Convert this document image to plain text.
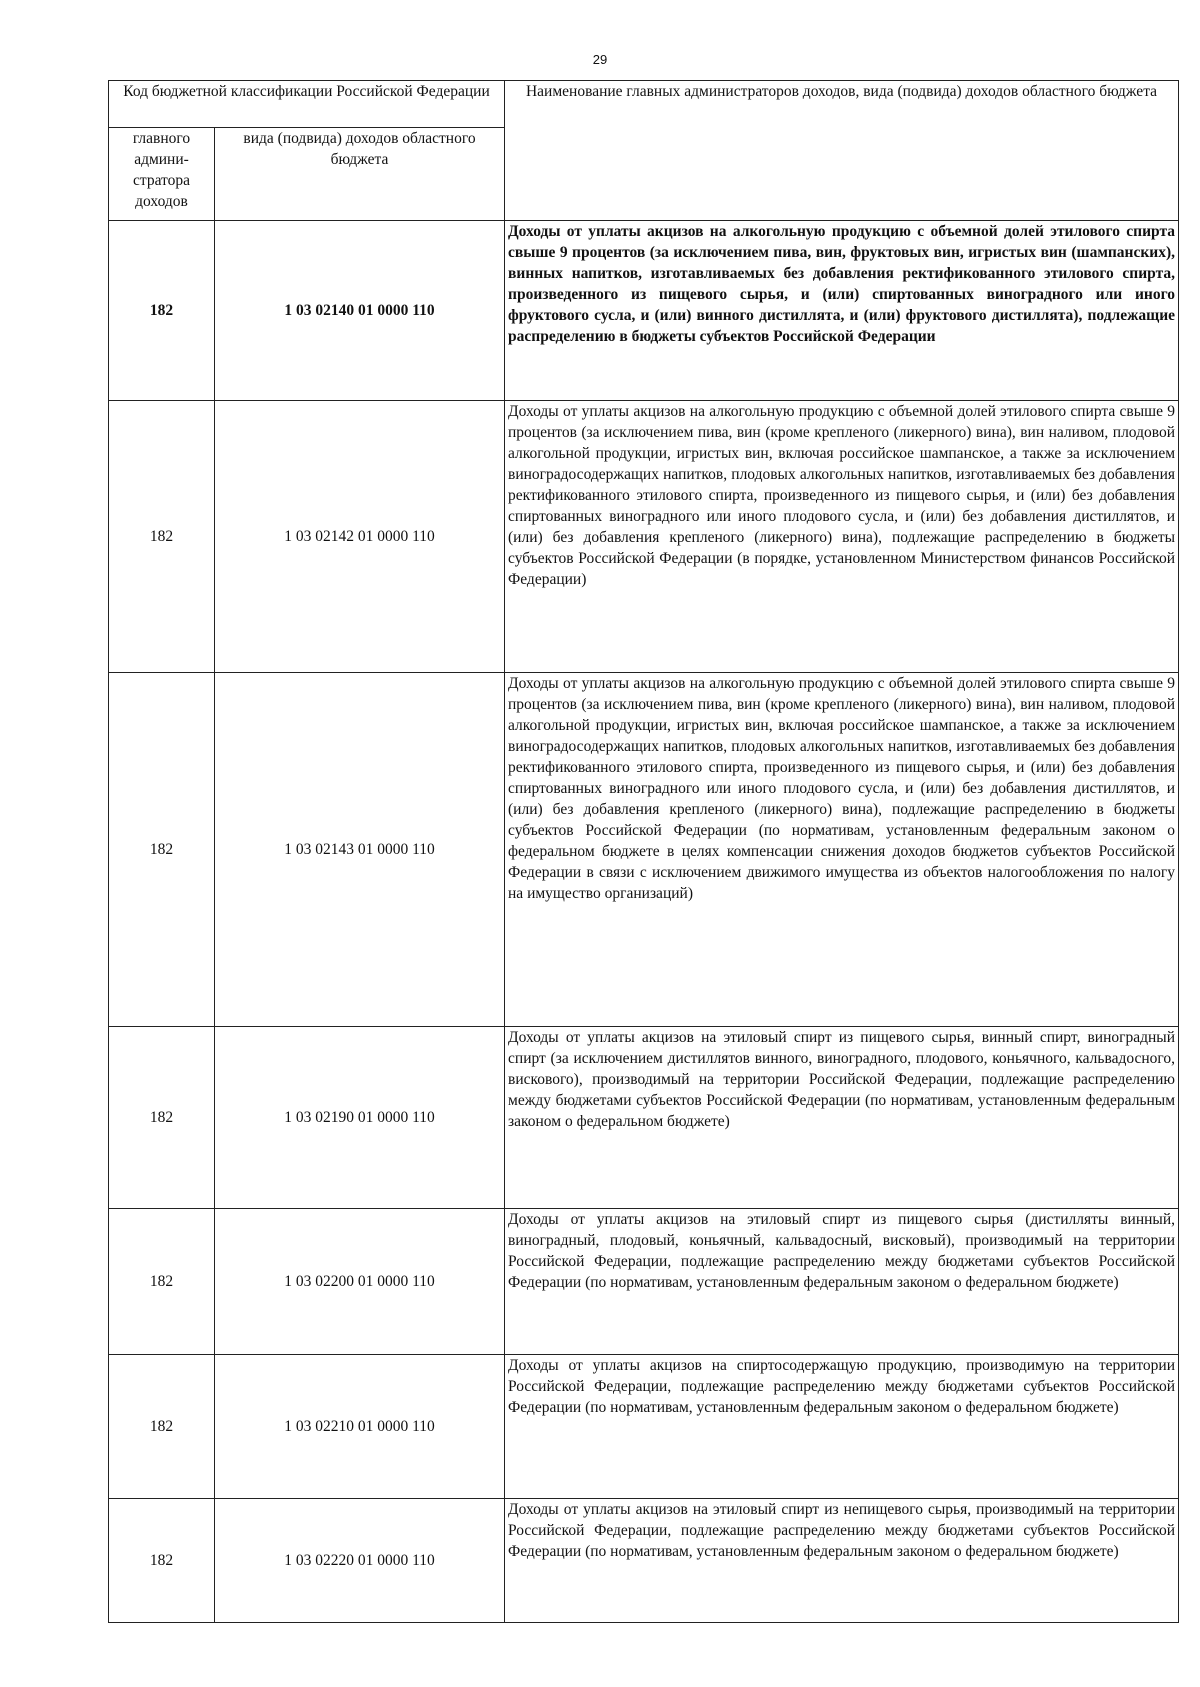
29
Код бюджетной классификации Российской Федерации		Наименование главных администраторов доходов, вида (подвида) доходов областного бюджета
главного админи-стратора доходов	вида (подвида) доходов областного бюджета	
182	1 03 02140 01 0000 110	Доходы от уплаты акцизов на алкогольную продукцию с объемной долей этилового спирта свыше 9 процентов (за исключением пива, вин, фруктовых вин, игристых вин (шампанских), винных напитков, изготавливаемых без добавления ректификованного этилового спирта, произведенного из пищевого сырья, и (или) спиртованных виноградного или иного фруктового сусла, и (или) винного дистиллята, и (или) фруктового дистиллята), подлежащие распределению в бюджеты субъектов Российской Федерации
182	1 03 02142 01 0000 110	Доходы от уплаты акцизов на алкогольную продукцию с объемной долей этилового спирта свыше 9 процентов (за исключением пива, вин (кроме крепленого (ликерного) вина), вин наливом, плодовой алкогольной продукции, игристых вин, включая российское шампанское, а также за исключением виноградосодержащих напитков, плодовых алкогольных напитков, изготавливаемых без добавления ректификованного этилового спирта, произведенного из пищевого сырья, и (или) без добавления спиртованных виноградного или иного плодового сусла, и (или) без добавления дистиллятов, и (или) без добавления крепленого (ликерного) вина), подлежащие распределению в бюджеты субъектов Российской Федерации (в порядке, установленном Министерством финансов Российской Федерации)
182	1 03 02143 01 0000 110	Доходы от уплаты акцизов на алкогольную продукцию с объемной долей этилового спирта свыше 9 процентов (за исключением пива, вин (кроме крепленого (ликерного) вина), вин наливом, плодовой алкогольной продукции, игристых вин, включая российское шампанское, а также за исключением виноградосодержащих напитков, плодовых алкогольных напитков, изготавливаемых без добавления ректификованного этилового спирта, произведенного из пищевого сырья, и (или) без добавления спиртованных виноградного или иного плодового сусла, и (или) без добавления дистиллятов, и (или) без добавления крепленого (ликерного) вина), подлежащие распределению в бюджеты субъектов Российской Федерации (по нормативам, установленным федеральным законом о федеральном бюджете в целях компенсации снижения доходов бюджетов субъектов Российской Федерации в связи с исключением движимого имущества из объектов налогообложения по налогу на имущество организаций)
182	1 03 02190 01 0000 110	Доходы от уплаты акцизов на этиловый спирт из пищевого сырья, винный спирт, виноградный спирт (за исключением дистиллятов винного, виноградного, плодового, коньячного, кальвадосного, вискового), производимый на территории Российской Федерации, подлежащие распределению между бюджетами субъектов Российской Федерации (по нормативам, установленным федеральным законом о федеральном бюджете)
182	1 03 02200 01 0000 110	Доходы от уплаты акцизов на этиловый спирт из пищевого сырья (дистилляты винный, виноградный, плодовый, коньячный, кальвадосный, висковый), производимый на территории Российской Федерации, подлежащие распределению между бюджетами субъектов Российской Федерации (по нормативам, установленным федеральным законом о федеральном бюджете)
182	1 03 02210 01 0000 110	Доходы от уплаты акцизов на спиртосодержащую продукцию, производимую на территории Российской Федерации, подлежащие распределению между бюджетами субъектов Российской Федерации (по нормативам, установленным федеральным законом о федеральном бюджете)
182	1 03 02220 01 0000 110	Доходы от уплаты акцизов на этиловый спирт из непищевого сырья, производимый на территории Российской Федерации, подлежащие распределению между бюджетами субъектов Российской Федерации (по нормативам, установленным федеральным законом о федеральном бюджете)
